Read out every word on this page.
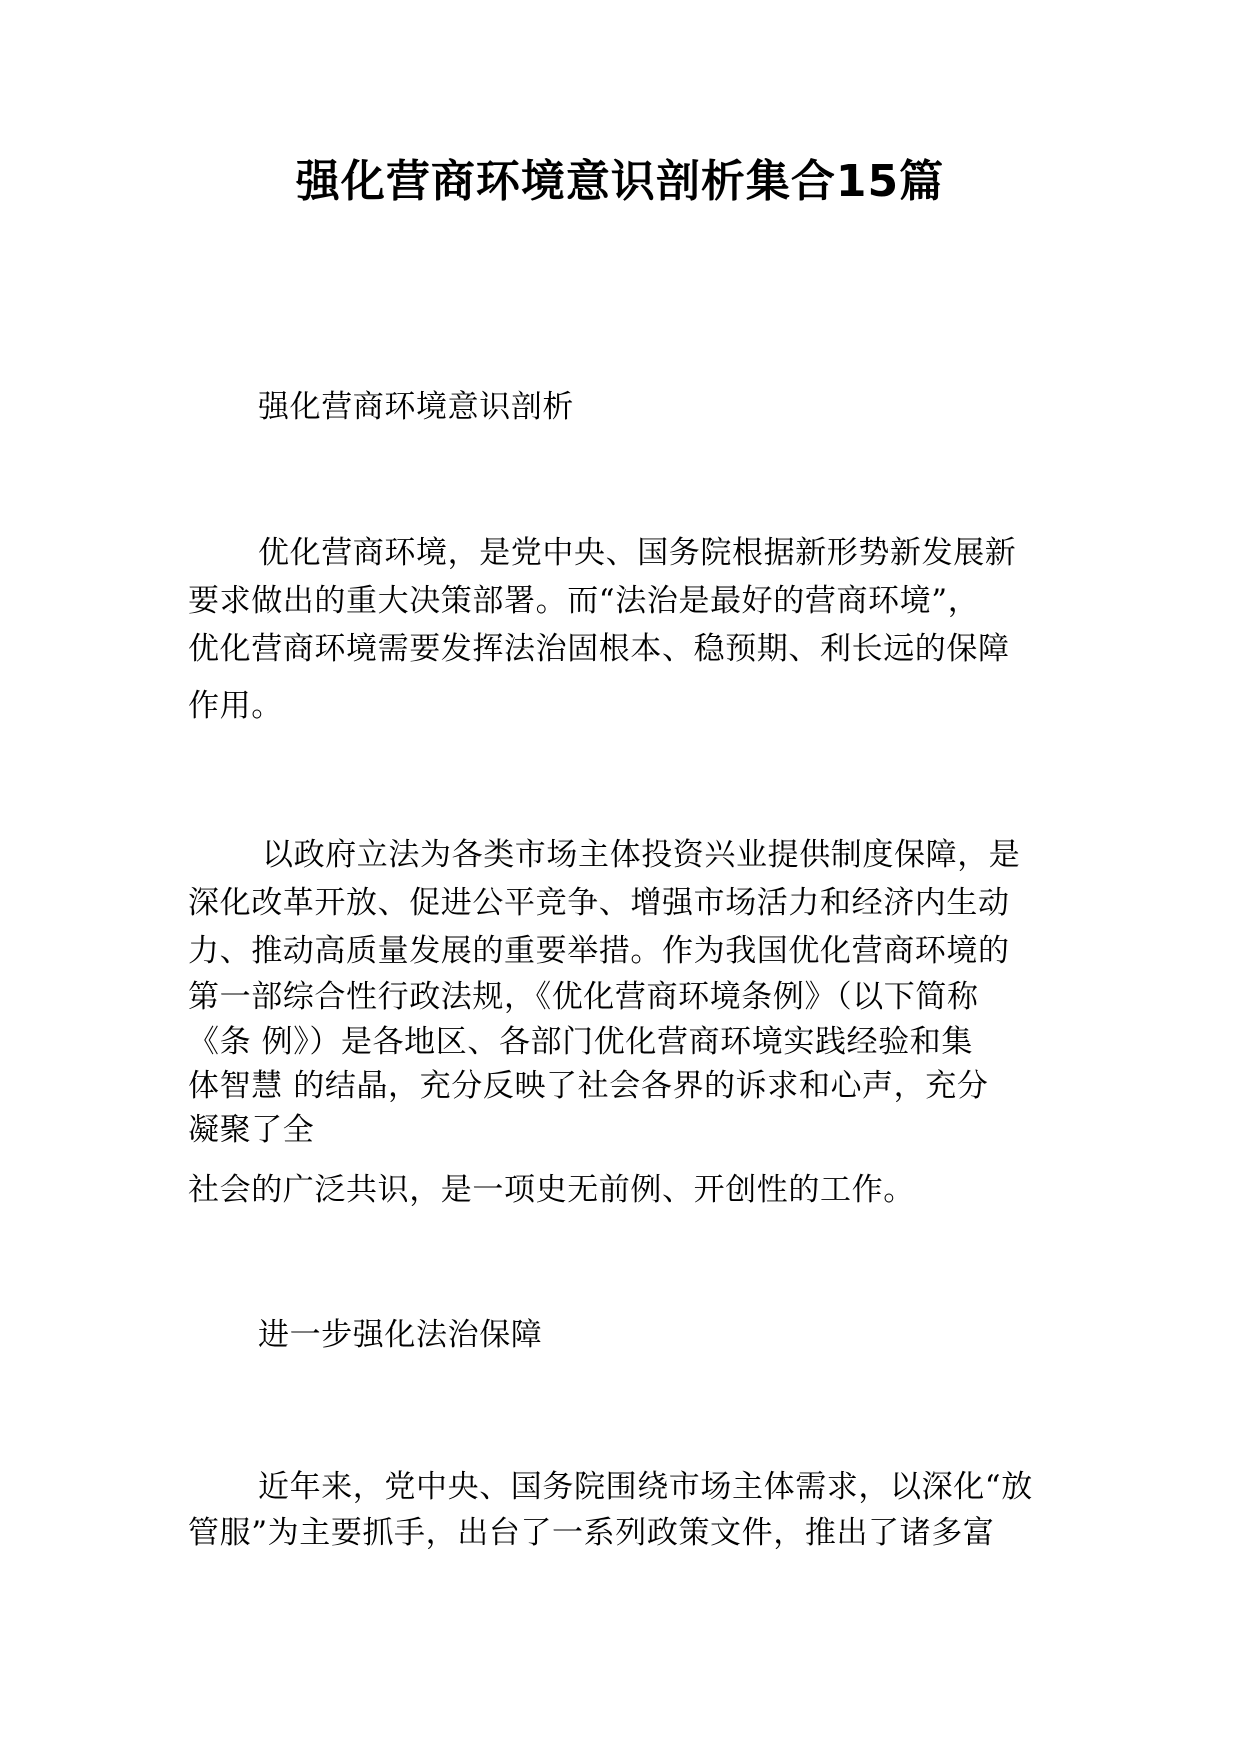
强化营商环境意识剖析集合15篇
强化营商环境意识剖析
优化营商环境，是党中央、国务院根据新形势新发展新
要求做出的重大决策部署。而“法治是最好的营商环境”，
优化营商环境需要发挥法治固根本、稳预期、利长远的保障
作用。
以政府立法为各类市场主体投资兴业提供制度保障，是
深化改革开放、促进公平竞争、增强市场活力和经济内生动
力、推动高质量发展的重要举措。作为我国优化营商环境的
第一部综合性行政法规，《优化营商环境条例》（以下简称
《条 例》）是各地区、各部门优化营商环境实践经验和集
体智慧 的结晶，充分反映了社会各界的诉求和心声，充分
凝聚了全
社会的广泛共识，是一项史无前例、开创性的工作。
进一步强化法治保障
近年来，党中央、国务院围绕市场主体需求，以深化“放
管服”为主要抓手，出台了一系列政策文件，推出了诸多富
